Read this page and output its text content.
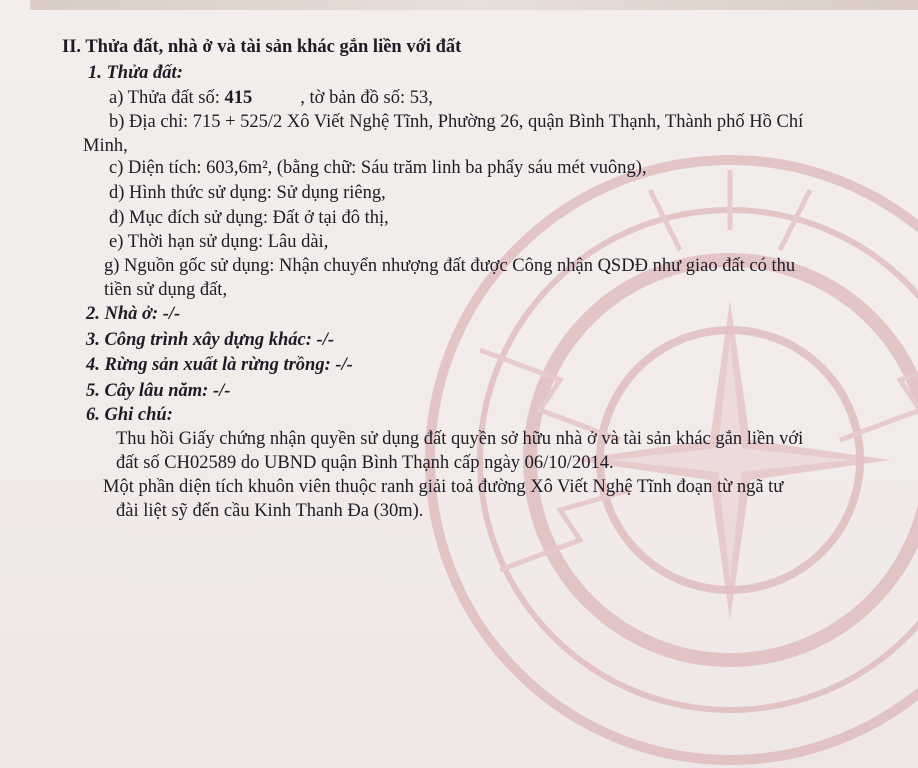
II. Thửa đất, nhà ở và tài sản khác gắn liền với đất
1. Thửa đất:
a) Thửa đất số: 415	, tờ bản đồ số: 53,
b) Địa chỉ: 715 + 525/2 Xô Viết Nghệ Tĩnh, Phường 26, quận Bình Thạnh, Thành phố Hồ Chí
Minh,
c) Diện tích: 603,6m², (bằng chữ: Sáu trăm linh ba phẩy sáu mét vuông),
d) Hình thức sử dụng: Sử dụng riêng,
đ) Mục đích sử dụng: Đất ở tại đô thị,
e) Thời hạn sử dụng: Lâu dài,
g) Nguồn gốc sử dụng: Nhận chuyển nhượng đất được Công nhận QSDĐ như giao đất có thu
tiền sử dụng đất,
2. Nhà ở: -/-
3. Công trình xây dựng khác: -/-
4. Rừng sản xuất là rừng trồng: -/-
5. Cây lâu năm: -/-
6. Ghi chú:
Thu hồi Giấy chứng nhận quyền sử dụng đất quyền sở hữu nhà ở và tài sản khác gắn liền với
đất số CH02589 do UBND quận Bình Thạnh cấp ngày 06/10/2014.
Một phần diện tích khuôn viên thuộc ranh giải toả đường Xô Viết Nghệ Tĩnh đoạn từ ngã tư
đài liệt sỹ đến cầu Kinh Thanh Đa (30m).
